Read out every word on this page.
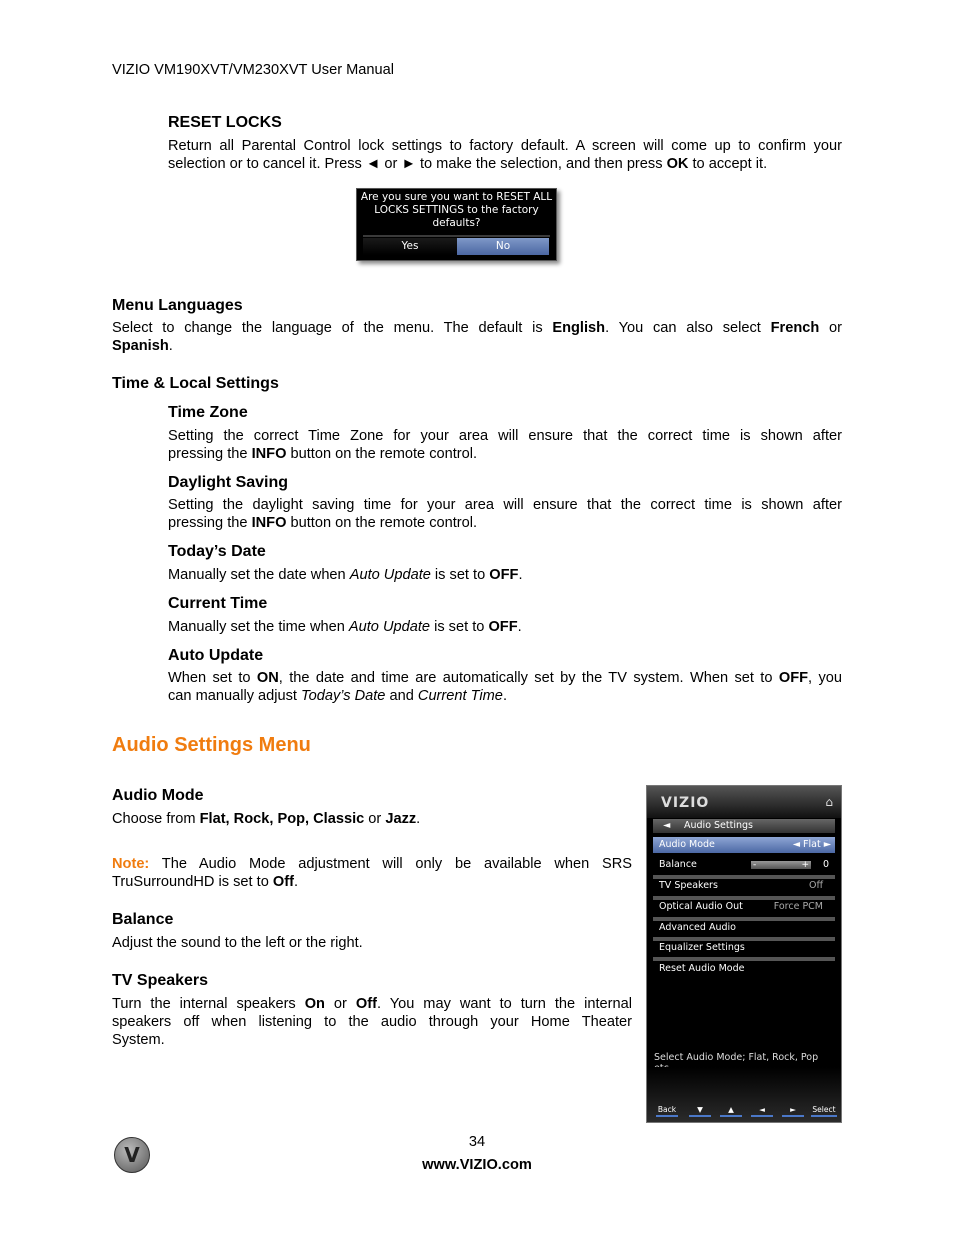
VIZIO VM190XVT/VM230XVT User Manual
RESET LOCKS
Return all Parental Control lock settings to factory default. A screen will come up to confirm your
selection or to cancel it. Press ◄ or ► to make the selection, and then press OK to accept it.
Are you sure you want to RESET ALL
LOCKS SETTINGS to the factory
defaults?
Yes	No
Menu Languages
Select to change the language of the menu. The default is English. You can also select French or
Spanish.
Time & Local Settings
Time Zone
Setting the correct Time Zone for your area will ensure that the correct time is shown after
pressing the INFO button on the remote control.
Daylight Saving
Setting the daylight saving time for your area will ensure that the correct time is shown after
pressing the INFO button on the remote control.
Today’s Date
Manually set the date when Auto Update is set to OFF.
Current Time
Manually set the time when Auto Update is set to OFF.
Auto Update
When set to ON, the date and time are automatically set by the TV system. When set to OFF, you
can manually adjust Today’s Date and Current Time.
Audio Settings Menu
Audio Mode
Choose from Flat, Rock, Pop, Classic or Jazz.
Note: The Audio Mode adjustment will only be available when SRS
TruSurroundHD is set to Off.
Balance
Adjust the sound to the left or the right.
TV Speakers
Turn the internal speakers On or Off. You may want to turn the internal
speakers off when listening to the audio through your Home Theater
System.
VIZIO	⌂
◄ Audio Settings
Audio Mode	◄ Flat ►
Balance	-	+ 0
TV Speakers	Off
Optical Audio Out	Force PCM
Advanced Audio
Equalizer Settings
Reset Audio Mode
Select Audio Mode; Flat, Rock, Pop
Back	▼	▲	◄	►	Select
V
34
www.VIZIO.com
